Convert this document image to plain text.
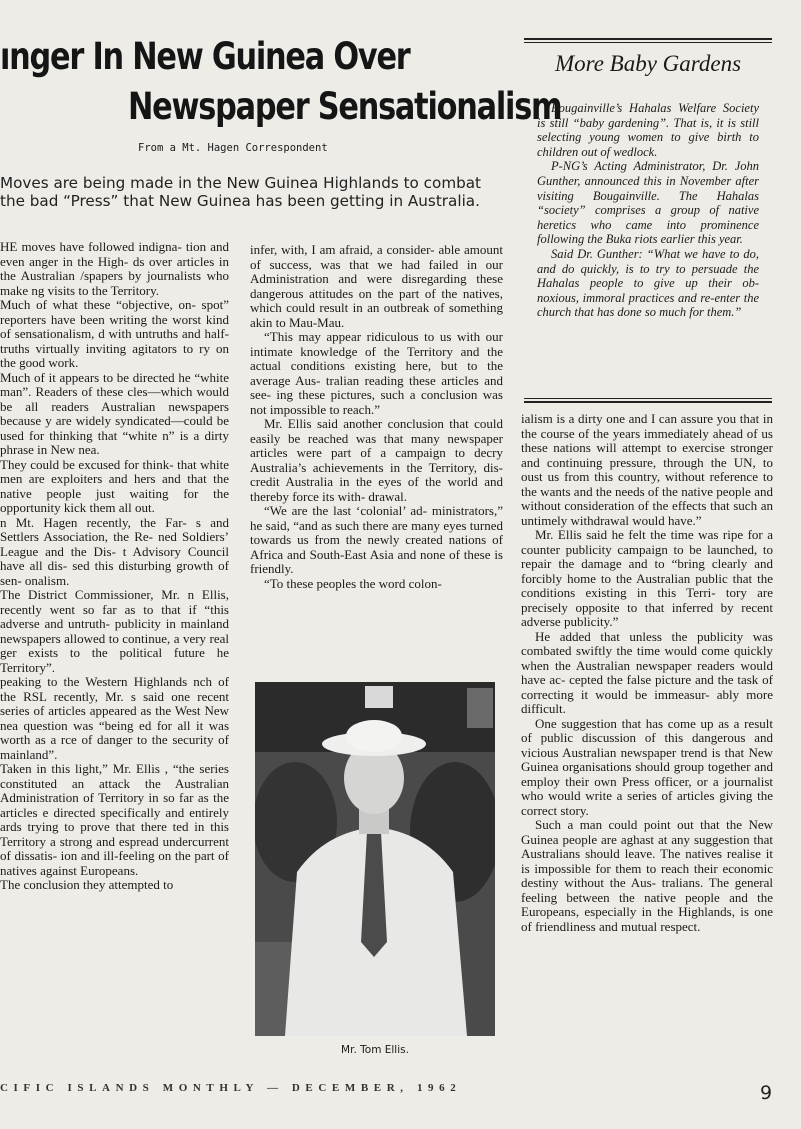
ınger In New Guinea Over
Newspaper Sensationalism
From a Mt. Hagen Correspondent
Moves are being made in the New Guinea Highlands to combat the bad “Press” that New Guinea has been getting in Australia.

HE moves have followed indigna- tion and even anger in the High- ds over articles in the Australian /spapers by journalists who make ng visits to the Territory.

Much of what these “objective, on- spot” reporters have been writing the worst kind of sensationalism, d with untruths and half-truths virtually inviting agitators to ry on the good work.

Much of it appears to be directed he “white man”. Readers of these cles—which would be all readers Australian newspapers because y are widely syndicated—could be used for thinking that “white n” is a dirty phrase in New nea.

They could be excused for think- that white men are exploiters and hers and that the native people just waiting for the opportunity kick them all out.

n Mt. Hagen recently, the Far- s and Settlers Association, the Re- ned Soldiers’ League and the Dis- t Advisory Council have all dis- sed this disturbing growth of sen- onalism.

The District Commissioner, Mr. n Ellis, recently went so far as to that if “this adverse and untruth- publicity in mainland newspapers allowed to continue, a very real ger exists to the political future he Territory”.

peaking to the Western Highlands nch of the RSL recently, Mr. s said one recent series of articles appeared as the West New nea question was “being ed for all it was worth as a rce of danger to the security of mainland”.

Taken in this light,” Mr. Ellis , “the series constituted an attack the Australian Administration of Territory in so far as the articles e directed specifically and entirely ards trying to prove that there ted in this Territory a strong and espread undercurrent of dissatis- ion and ill-feeling on the part of natives against Europeans.

The conclusion they attempted to

infer, with, I am afraid, a consider- able amount of success, was that we had failed in our Administration and were disregarding these dangerous attitudes on the part of the natives, which could result in an outbreak of something akin to Mau-Mau.

“This may appear ridiculous to us with our intimate knowledge of the Territory and the actual conditions existing here, but to the average Aus- tralian reading these articles and see- ing these pictures, such a conclusion was not impossible to reach.”

Mr. Ellis said another conclusion that could easily be reached was that many newspaper articles were part of a campaign to decry Australia’s achievements in the Territory, dis- credit Australia in the eyes of the world and thereby force its with- drawal.

“We are the last ‘colonial’ ad- ministrators,” he said, “and as such there are many eyes turned towards us from the newly created nations of Africa and South-East Asia and none of these is friendly.

“To these peoples the word colon-

Mr. Tom Ellis.
More Baby Gardens

Bougainville’s Hahalas Welfare Society is still “baby gardening”. That is, it is still selecting young women to give birth to children out of wedlock.

P-NG’s Acting Administrator, Dr. John Gunther, announced this in November after visiting Bougainville. The Hahalas “society” comprises a group of native heretics who came into prominence following the Buka riots earlier this year.

Said Dr. Gunther: “What we have to do, and do quickly, is to try to persuade the Hahalas people to give up their ob- noxious, immoral practices and re-enter the church that has done so much for them.”

ialism is a dirty one and I can assure you that in the course of the years immediately ahead of us these nations will attempt to exercise stronger and continuing pressure, through the UN, to oust us from this country, without reference to the wants and the needs of the native people and without consideration of the effects that such an untimely withdrawal would have.”

Mr. Ellis said he felt the time was ripe for a counter publicity campaign to be launched, to repair the damage and to “bring clearly and forcibly home to the Australian public that the conditions existing in this Terri- tory are precisely opposite to that inferred by recent adverse publicity.”

He added that unless the publicity was combated swiftly the time would come quickly when the Australian newspaper readers would have ac- cepted the false picture and the task of correcting it would be immeasur- ably more difficult.

One suggestion that has come up as a result of public discussion of this dangerous and vicious Australian newspaper trend is that New Guinea organisations should group together and employ their own Press officer, or a journalist who would write a series of articles giving the correct story.

Such a man could point out that the New Guinea people are aghast at any suggestion that Australians should leave. The natives realise it is impossible for them to reach their economic destiny without the Aus- tralians. The general feeling between the native people and the Europeans, especially in the Highlands, is one of friendliness and mutual respect.

CIFIC ISLANDS MONTHLY — DECEMBER, 1962	9
